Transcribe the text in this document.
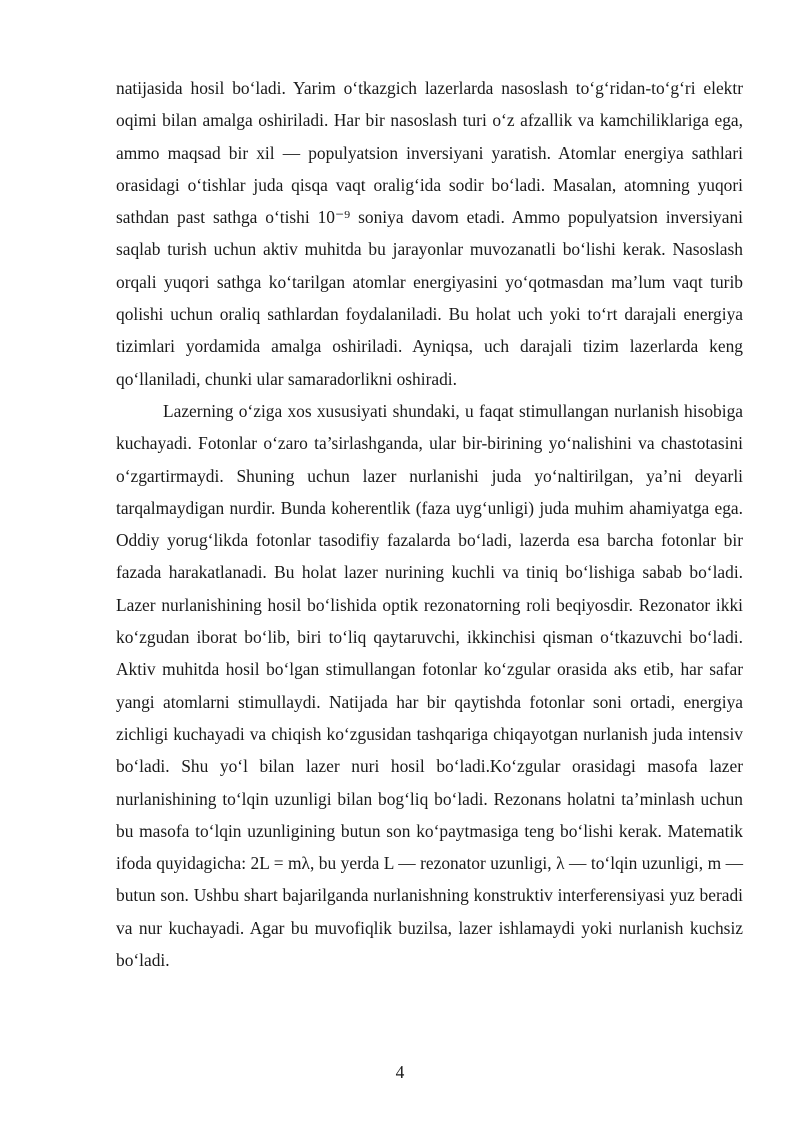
natijasida hosil bo‘ladi. Yarim o‘tkazgich lazerlarda nasoslash to‘g‘ridan-to‘g‘ri elektr oqimi bilan amalga oshiriladi. Har bir nasoslash turi o‘z afzallik va kamchiliklariga ega, ammo maqsad bir xil — populyatsion inversiyani yaratish. Atomlar energiya sathlari orasidagi o‘tishlar juda qisqa vaqt oralig‘ida sodir bo‘ladi. Masalan, atomning yuqori sathdan past sathga o‘tishi 10⁻⁹ soniya davom etadi. Ammo populyatsion inversiyani saqlab turish uchun aktiv muhitda bu jarayonlar muvozanatli bo‘lishi kerak. Nasoslash orqali yuqori sathga ko‘tarilgan atomlar energiyasini yo‘qotmasdan ma’lum vaqt turib qolishi uchun oraliq sathlardan foydalaniladi. Bu holat uch yoki to‘rt darajali energiya tizimlari yordamida amalga oshiriladi. Ayniqsa, uch darajali tizim lazerlarda keng qo‘llaniladi, chunki ular samaradorlikni oshiradi.

Lazerning o‘ziga xos xususiyati shundaki, u faqat stimullangan nurlanish hisobiga kuchayadi. Fotonlar o‘zaro ta’sirlashganda, ular bir-birining yo‘nalishini va chastotasini o‘zgartirmaydi. Shuning uchun lazer nurlanishi juda yo‘naltirilgan, ya’ni deyarli tarqalmaydigan nurdir. Bunda koherentlik (faza uyg‘unligi) juda muhim ahamiyatga ega. Oddiy yorug‘likda fotonlar tasodifiy fazalarda bo‘ladi, lazerda esa barcha fotonlar bir fazada harakatlanadi. Bu holat lazer nurining kuchli va tiniq bo‘lishiga sabab bo‘ladi. Lazer nurlanishining hosil bo‘lishida optik rezonatorning roli beqiyosdir. Rezonator ikki ko‘zgudan iborat bo‘lib, biri to‘liq qaytaruvchi, ikkinchisi qisman o‘tkazuvchi bo‘ladi. Aktiv muhitda hosil bo‘lgan stimullangan fotonlar ko‘zgular orasida aks etib, har safar yangi atomlarni stimullaydi. Natijada har bir qaytishda fotonlar soni ortadi, energiya zichligi kuchayadi va chiqish ko‘zgusidan tashqariga chiqayotgan nurlanish juda intensiv bo‘ladi. Shu yo‘l bilan lazer nuri hosil bo‘ladi.Ko‘zgular orasidagi masofa lazer nurlanishining to‘lqin uzunligi bilan bog‘liq bo‘ladi. Rezonans holatni ta’minlash uchun bu masofa to‘lqin uzunligining butun son ko‘paytmasiga teng bo‘lishi kerak. Matematik ifoda quyidagicha: 2L = mλ, bu yerda L — rezonator uzunligi, λ — to‘lqin uzunligi, m — butun son. Ushbu shart bajarilganda nurlanishning konstruktiv interferensiyasi yuz beradi va nur kuchayadi. Agar bu muvofiqlik buzilsa, lazer ishlamaydi yoki nurlanish kuchsiz bo‘ladi.

4
